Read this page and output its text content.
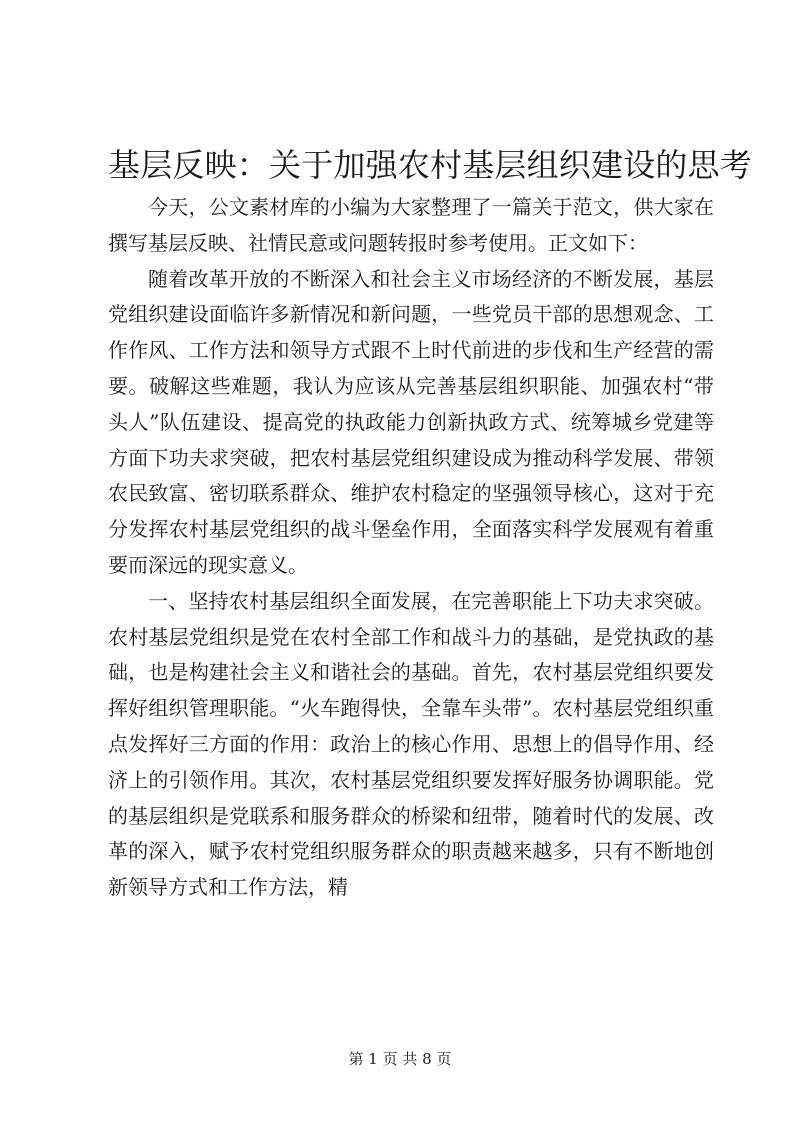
基层反映：关于加强农村基层组织建设的思考

今天，公文素材库的小编为大家整理了一篇关于范文，供大家在撰写基层反映、社情民意或问题转报时参考使用。正文如下：

随着改革开放的不断深入和社会主义市场经济的不断发展，基层党组织建设面临许多新情况和新问题，一些党员干部的思想观念、工作作风、工作方法和领导方式跟不上时代前进的步伐和生产经营的需要。破解这些难题，我认为应该从完善基层组织职能、加强农村“带头人”队伍建设、提高党的执政能力创新执政方式、统筹城乡党建等方面下功夫求突破，把农村基层党组织建设成为推动科学发展、带领农民致富、密切联系群众、维护农村稳定的坚强领导核心，这对于充分发挥农村基层党组织的战斗堡垒作用，全面落实科学发展观有着重要而深远的现实意义。

一、坚持农村基层组织全面发展，在完善职能上下功夫求突破。农村基层党组织是党在农村全部工作和战斗力的基础，是党执政的基础，也是构建社会主义和谐社会的基础。首先，农村基层党组织要发挥好组织管理职能。“火车跑得快，全靠车头带”。农村基层党组织重点发挥好三方面的作用：政治上的核心作用、思想上的倡导作用、经济上的引领作用。其次，农村基层党组织要发挥好服务协调职能。党的基层组织是党联系和服务群众的桥梁和纽带，随着时代的发展、改革的深入，赋予农村党组织服务群众的职责越来越多，只有不断地创新领导方式和工作方法，精

第 1 页 共 8 页
